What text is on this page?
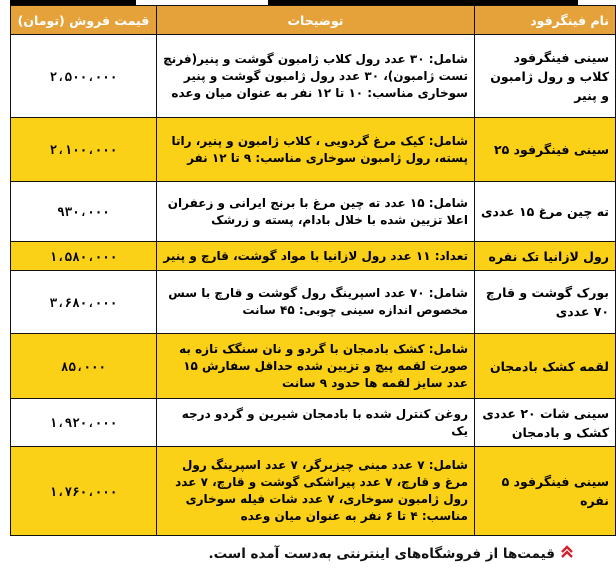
نام فینگرفود	توضیحات	قیمت فروش (تومان)
سینی فینگرفود کلاب و رول ژامبون و پنیر	شامل: ۳۰ عدد رول کلاب ژامبون گوشت و پنیر(فرنچ تست ژامبون)، ۳۰ عدد رول ژامبون گوشت و پنیر سوخاری مناسب: ۱۰ تا ۱۲ نفر به عنوان میان وعده	۲،۵۰۰،۰۰۰
سینی فینگرفود ۲۵	شامل: کیک مرغ گردویی ، کلاب ژامبون و پنیر، راتا پسته، رول ژامبون سوخاری مناسب: ۹ تا ۱۲ نفر	۲،۱۰۰،۰۰۰
ته چین مرغ ۱۵ عددی	شامل: ۱۵ عدد ته چین مرغ با برنج ایرانی و زعفران اعلا تزیین شده با خلال بادام، پسته و زرشک	۹۳۰،۰۰۰
رول لازانیا تک نفره	تعداد: ۱۱ عدد رول لازانیا با مواد گوشت، قارچ و پنیر	۱،۵۸۰،۰۰۰
بورک گوشت و قارچ ۷۰ عددی	شامل: ۷۰ عدد اسپرینگ رول گوشت و قارچ با سس مخصوص اندازه سینی چوبی: ۴۵ سانت	۳،۶۸۰،۰۰۰
لقمه کشک بادمجان	شامل: کشک بادمجان با گردو و نان سنگک تازه به صورت لقمه پیچ و تزیین شده حداقل سفارش ۱۵ عدد سایز لقمه ها حدود ۹ سانت	۸۵،۰۰۰
سینی شات ۲۰ عددی کشک و بادمجان	روغن کنترل شده با بادمجان شیرین و گردو درجه یک	۱،۹۲۰،۰۰۰
سینی فینگرفود ۵ نفره	شامل: ۷ عدد مینی چیزبرگر، ۷ عدد اسپرینگ رول مرغ و قارچ، ۷ عدد پیراشکی گوشت و قارچ، ۷ عدد رول ژامبون سوخاری، ۷ عدد شات فیله سوخاری مناسب: ۴ تا ۶ نفر به عنوان میان وعده	۱،۷۶۰،۰۰۰
قیمت‌ها از فروشگاه‌های اینترنتی به‌دست آمده است.
